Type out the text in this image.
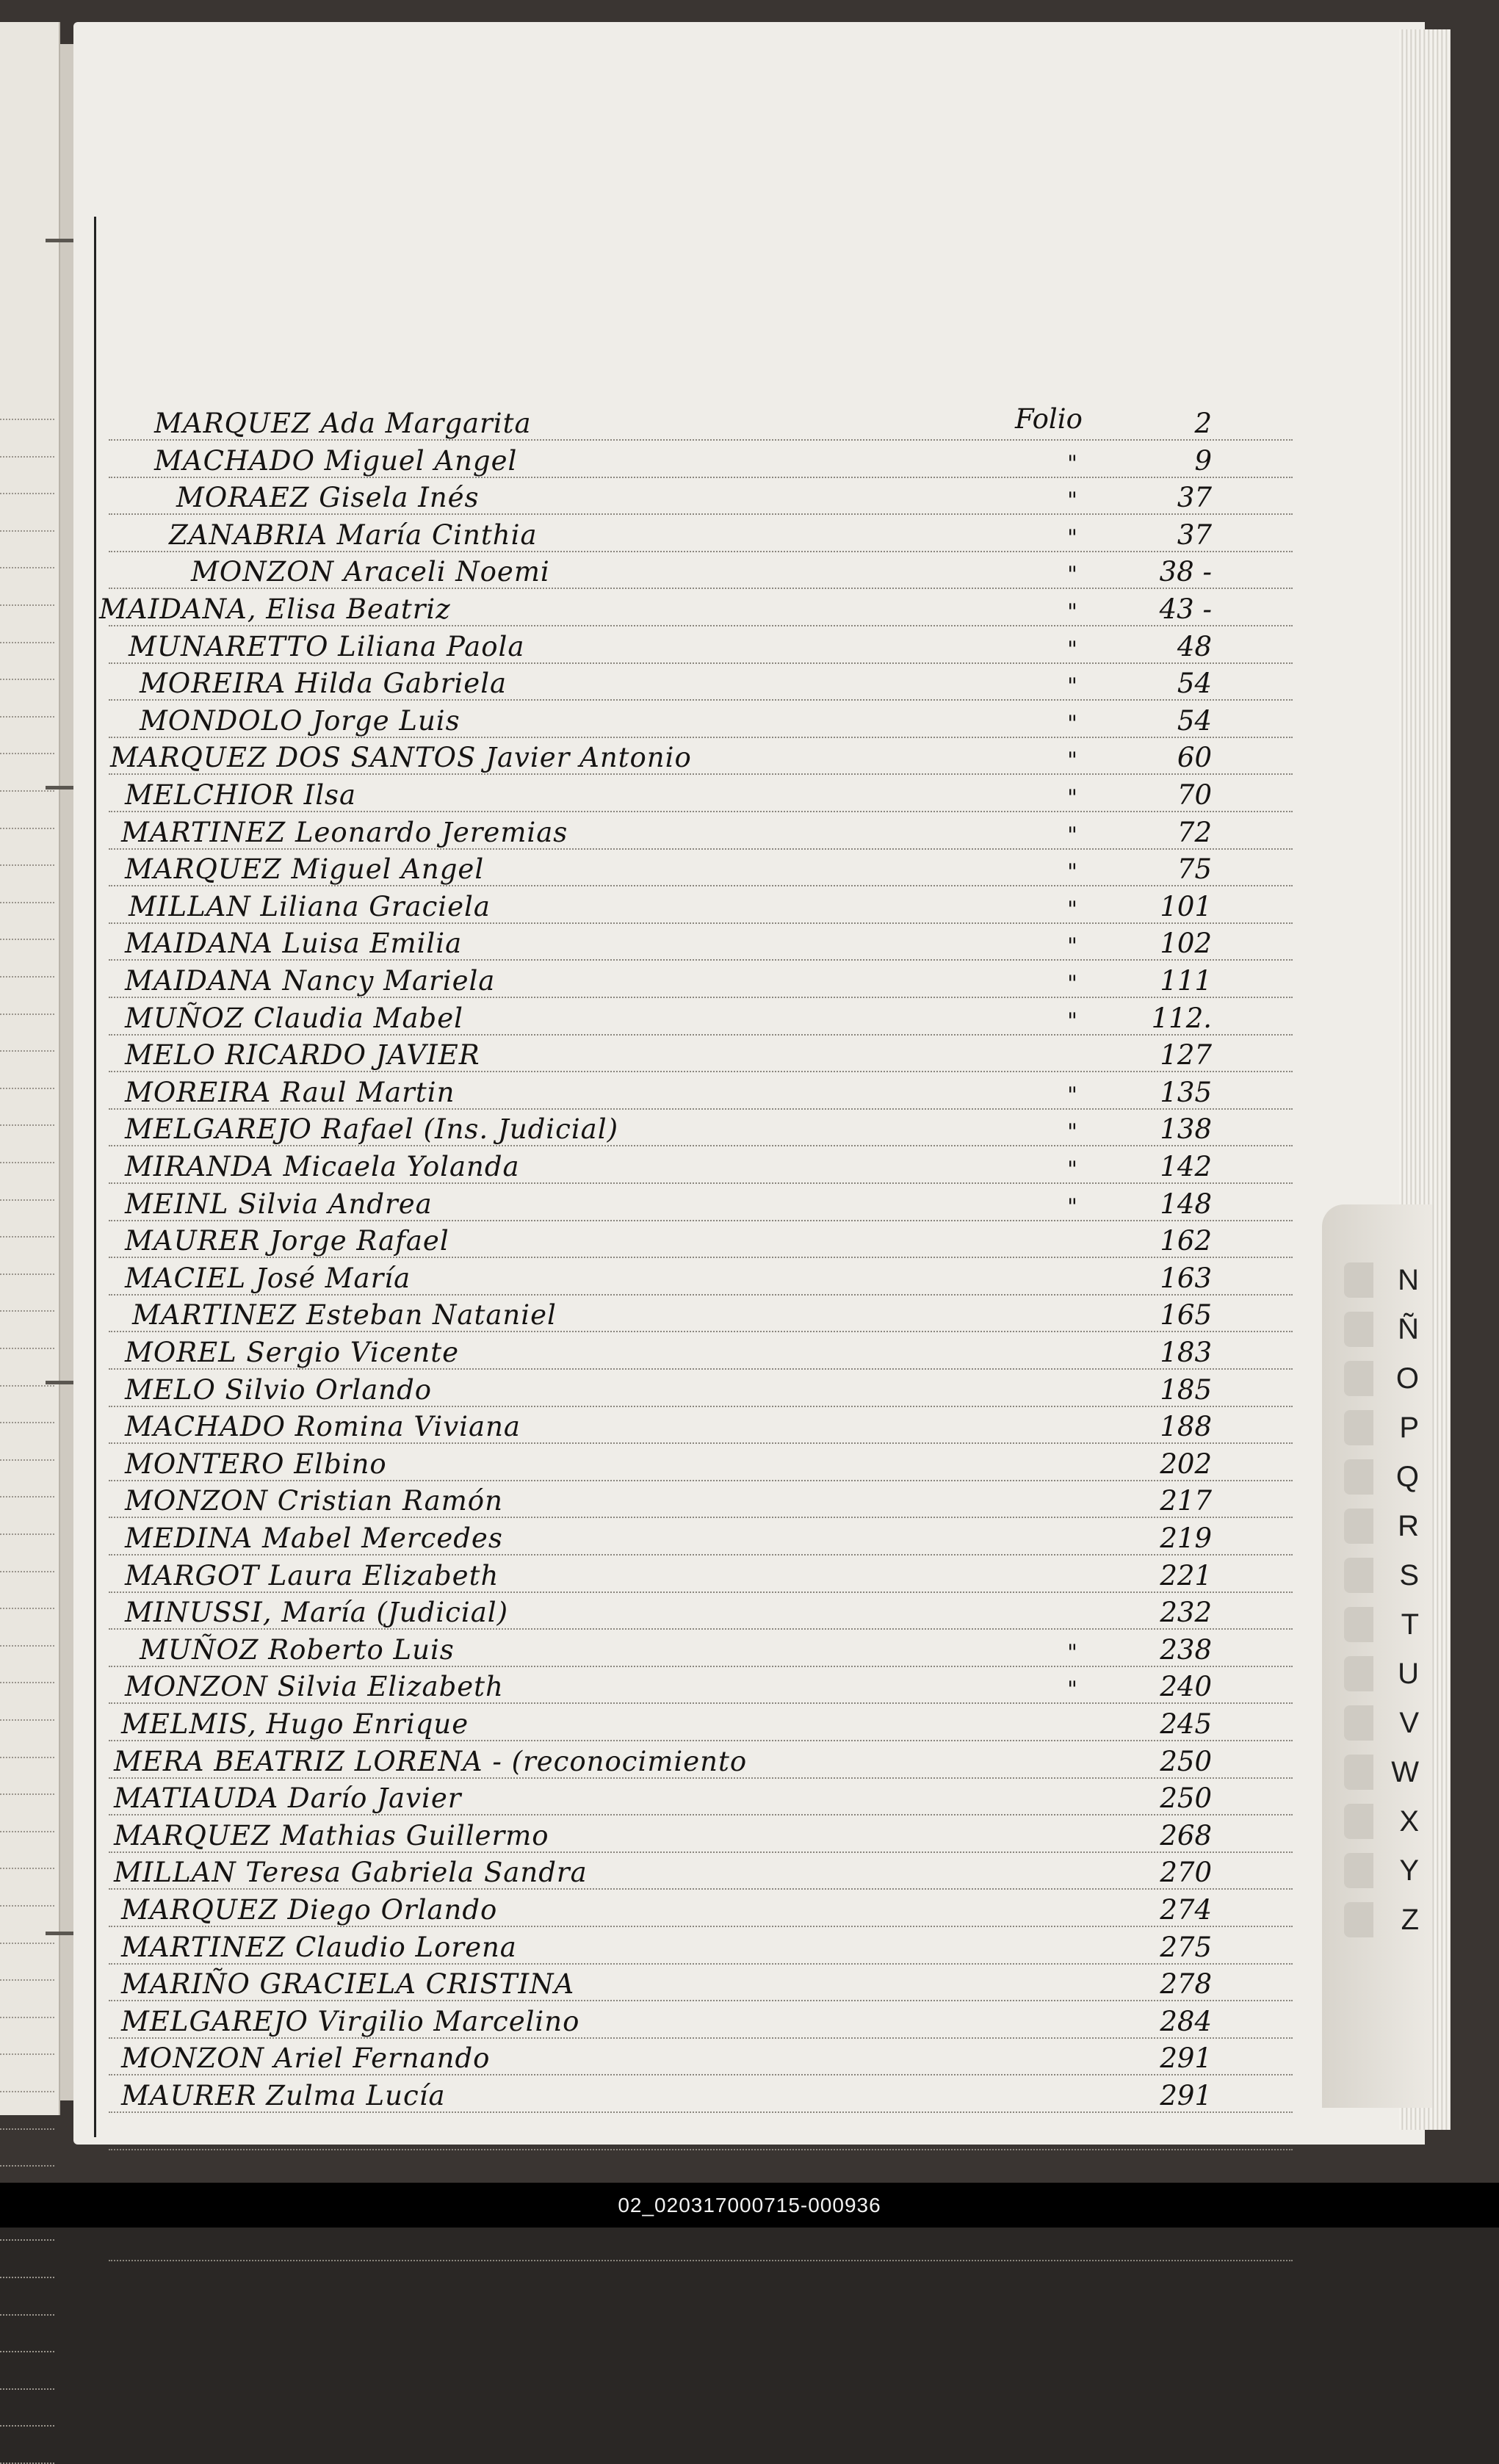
Folio
MARQUEZ Ada Margarita	2
MACHADO Miguel Angel	"	9
MORAEZ Gisela Inés	"	37
ZANABRIA María Cinthia	"	37
MONZON Araceli Noemi	"	38 -
MAIDANA, Elisa Beatriz	"	43 -
MUNARETTO Liliana Paola	"	48
MOREIRA Hilda Gabriela	"	54
MONDOLO Jorge Luis	"	54
MARQUEZ DOS SANTOS Javier Antonio	"	60
MELCHIOR Ilsa	"	70
MARTINEZ Leonardo Jeremias	"	72
MARQUEZ Miguel Angel	"	75
MILLAN Liliana Graciela	"	101
MAIDANA Luisa Emilia	"	102
MAIDANA Nancy Mariela	"	111
MUÑOZ Claudia Mabel	"	112.
MELO RICARDO JAVIER	127
MOREIRA Raul Martin	"	135
MELGAREJO Rafael (Ins. Judicial)	"	138
MIRANDA Micaela Yolanda	"	142
MEINL Silvia Andrea	"	148
MAURER Jorge Rafael	162
MACIEL José María	163
MARTINEZ Esteban Nataniel	165
MOREL Sergio Vicente	183
MELO Silvio Orlando	185
MACHADO Romina Viviana	188
MONTERO Elbino	202
MONZON Cristian Ramón	217
MEDINA Mabel Mercedes	219
MARGOT Laura Elizabeth	221
MINUSSI, María (Judicial)	232
MUÑOZ Roberto Luis	"	238
MONZON Silvia Elizabeth	"	240
MELMIS, Hugo Enrique	245
MERA BEATRIZ LORENA - (reconocimiento	250
MATIAUDA Darío Javier	250
MARQUEZ Mathias Guillermo	268
MILLAN Teresa Gabriela Sandra	270
MARQUEZ Diego Orlando	274
MARTINEZ Claudio Lorena	275
MARIÑO GRACIELA CRISTINA	278
MELGAREJO Virgilio Marcelino	284
MONZON Ariel Fernando	291
MAURER Zulma Lucía	291
N
Ñ
O
P
Q
R
S
T
U
V
W
X
Y
Z
02_020317000715-000936
